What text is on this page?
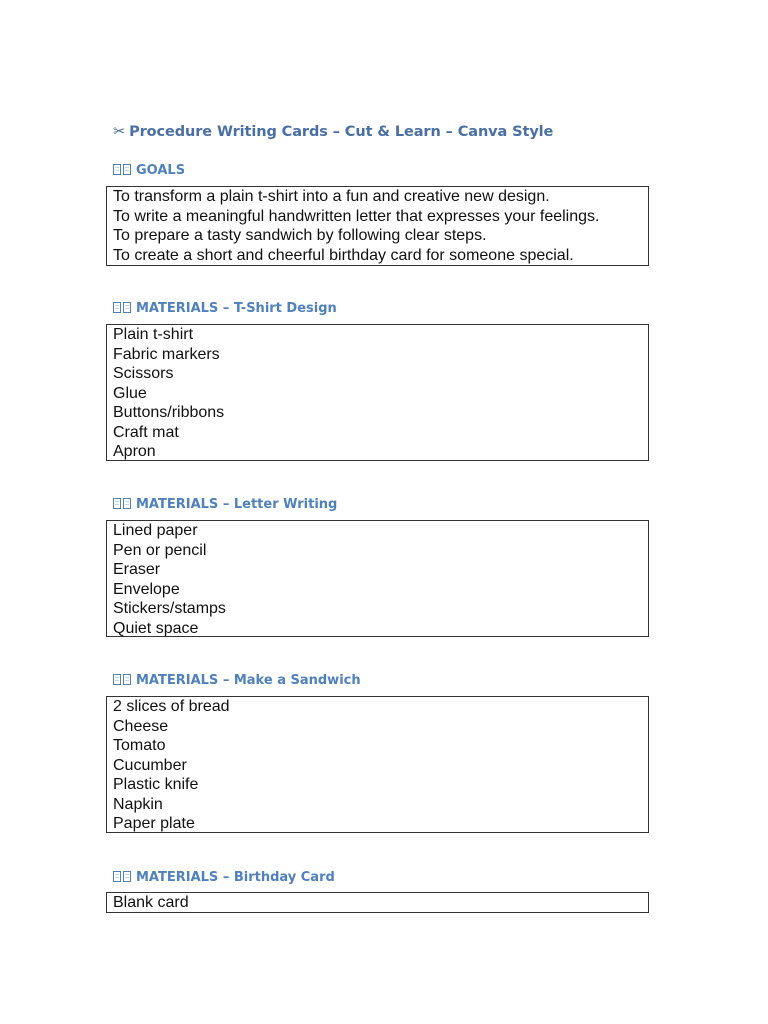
✂ Procedure Writing Cards – Cut & Learn – Canva Style
GOALS
To transform a plain t-shirt into a fun and creative new design.
To write a meaningful handwritten letter that expresses your feelings.
To prepare a tasty sandwich by following clear steps.
To create a short and cheerful birthday card for someone special.
MATERIALS – T-Shirt Design
Plain t-shirt
Fabric markers
Scissors
Glue
Buttons/ribbons
Craft mat
Apron
MATERIALS – Letter Writing
Lined paper
Pen or pencil
Eraser
Envelope
Stickers/stamps
Quiet space
MATERIALS – Make a Sandwich
2 slices of bread
Cheese
Tomato
Cucumber
Plastic knife
Napkin
Paper plate
MATERIALS – Birthday Card
Blank card
